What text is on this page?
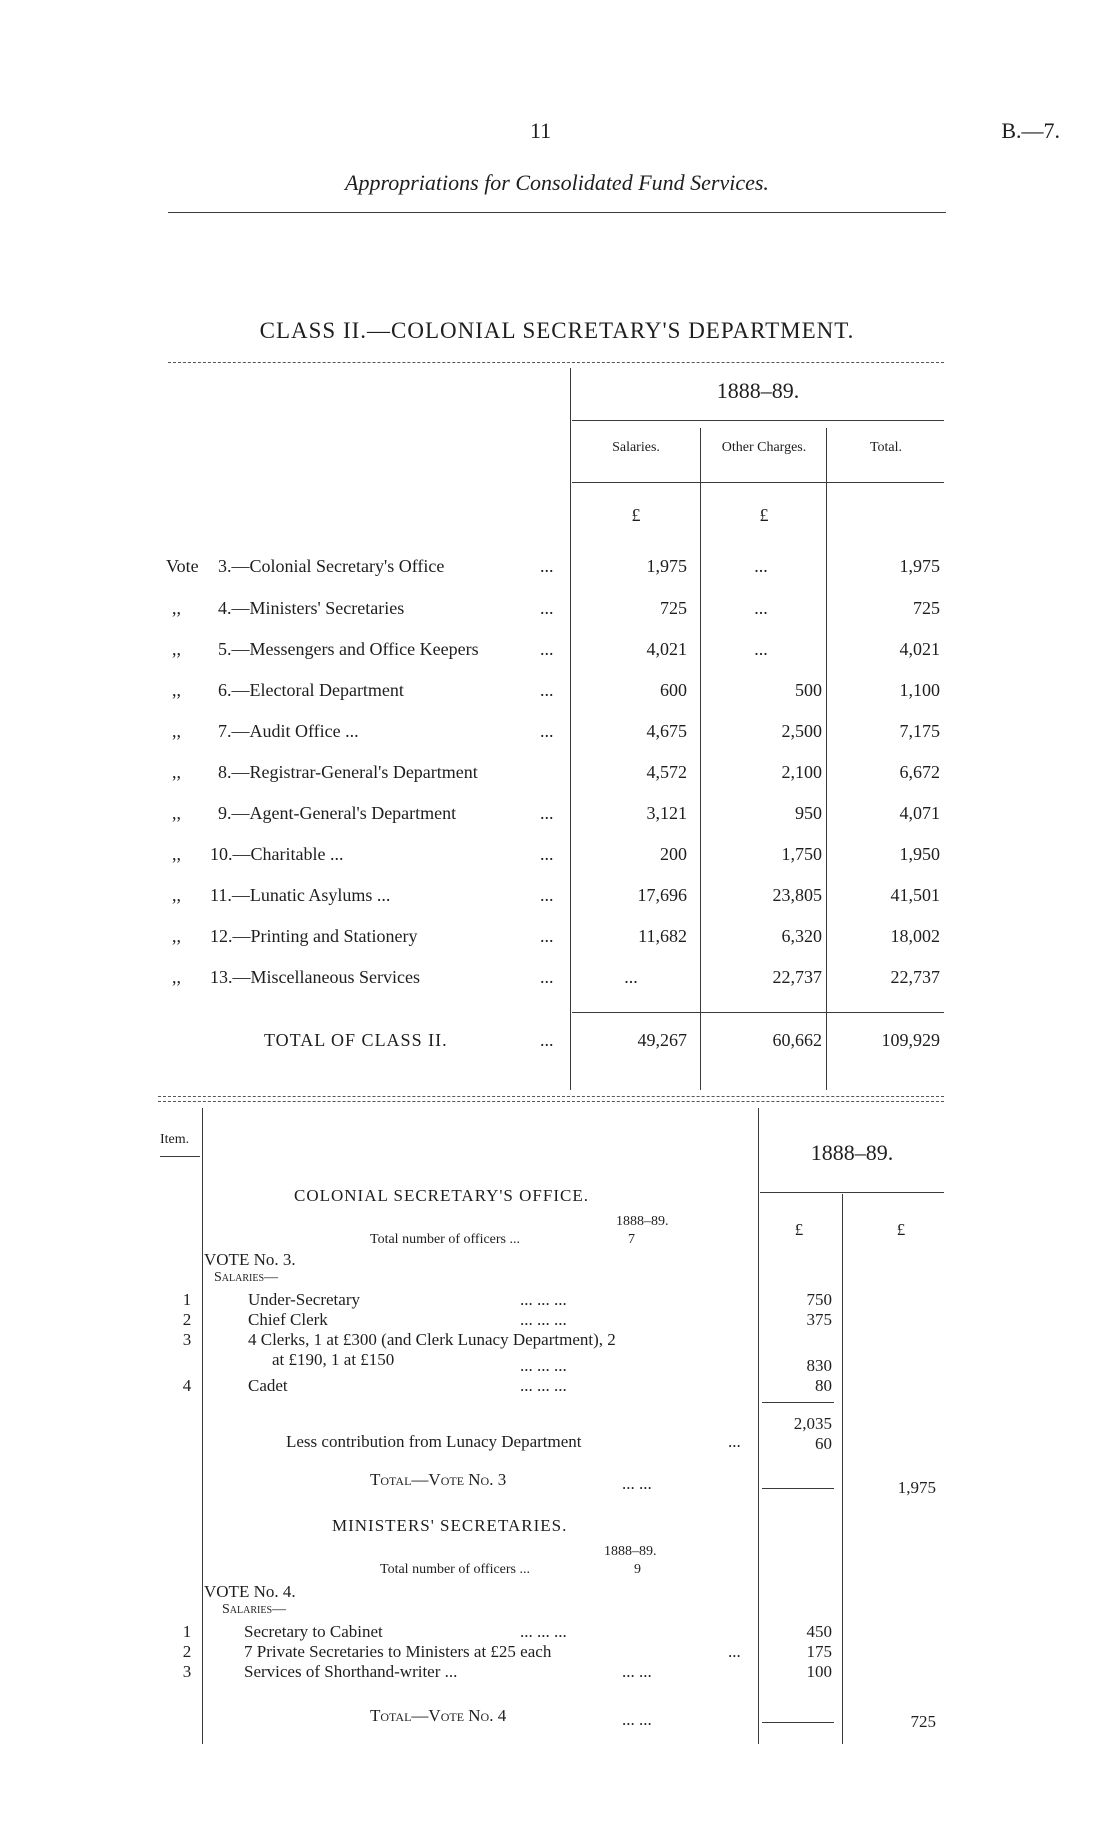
11	B.—7.
Appropriations for Consolidated Fund Services.
CLASS II.—COLONIAL SECRETARY'S DEPARTMENT.
1888–89.
Salaries.	Other Charges.	Total.
£	£
Vote 3.—Colonial Secretary's Office	...	1,975	...	1,975
,, 4.—Ministers' Secretaries	...	725	...	725
,, 5.—Messengers and Office Keepers	...	4,021	...	4,021
,, 6.—Electoral Department	...	600	500	1,100
,, 7.—Audit Office ...	...	4,675	2,500	7,175
,, 8.—Registrar-General's Department	4,572	2,100	6,672
,, 9.—Agent-General's Department	...	3,121	950	4,071
,, 10.—Charitable ...	...	200	1,750	1,950
,, 11.—Lunatic Asylums ...	...	17,696	23,805	41,501
,, 12.—Printing and Stationery	...	11,682	6,320	18,002
,, 13.—Miscellaneous Services	...	...	22,737	22,737
TOTAL OF CLASS II.	...	49,267	60,662	109,929
Item.
1888–89.
£	£
COLONIAL SECRETARY'S OFFICE.
1888–89.
Total number of officers ...	7
VOTE No. 3.
Salaries—
1	Under-Secretary	... ... ...	750
2	Chief Clerk	... ... ...	375
3	4 Clerks, 1 at £300 (and Clerk Lunacy Department), 2
at £190, 1 at £150	... ... ...	830
4	Cadet	... ... ...	80
2,035
Less contribution from Lunacy Department	...	60
Total—Vote No. 3	... ...	1,975
MINISTERS' SECRETARIES.
1888–89.
Total number of officers ...	9
VOTE No. 4.
Salaries—
1	Secretary to Cabinet	... ... ...	450
2	7 Private Secretaries to Ministers at £25 each	...	175
3	Services of Shorthand-writer ...	... ...	100
Total—Vote No. 4	... ...	725
